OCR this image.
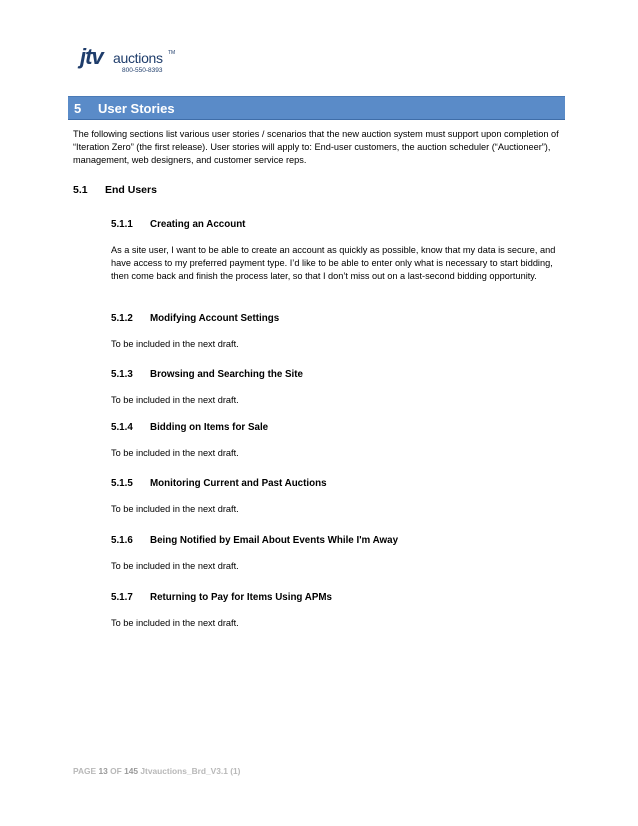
jtv auctions TM
800-550-8393
5 User Stories
The following sections list various user stories / scenarios that the new auction system must support upon completion of “Iteration Zero” (the first release). User stories will apply to: End-user customers, the auction scheduler (“Auctioneer”), management, web designers, and customer service reps.
5.1 End Users
5.1.1 Creating an Account
As a site user, I want to be able to create an account as quickly as possible, know that my data is secure, and have access to my preferred payment type. I’d like to be able to enter only what is necessary to start bidding, then come back and finish the process later, so that I don’t miss out on a last-second bidding opportunity.
5.1.2 Modifying Account Settings
To be included in the next draft.
5.1.3 Browsing and Searching the Site
To be included in the next draft.
5.1.4 Bidding on Items for Sale
To be included in the next draft.
5.1.5 Monitoring Current and Past Auctions
To be included in the next draft.
5.1.6 Being Notified by Email About Events While I'm Away
To be included in the next draft.
5.1.7 Returning to Pay for Items Using APMs
To be included in the next draft.
PAGE 13 OF 145 Jtvauctions_Brd_V3.1 (1)
